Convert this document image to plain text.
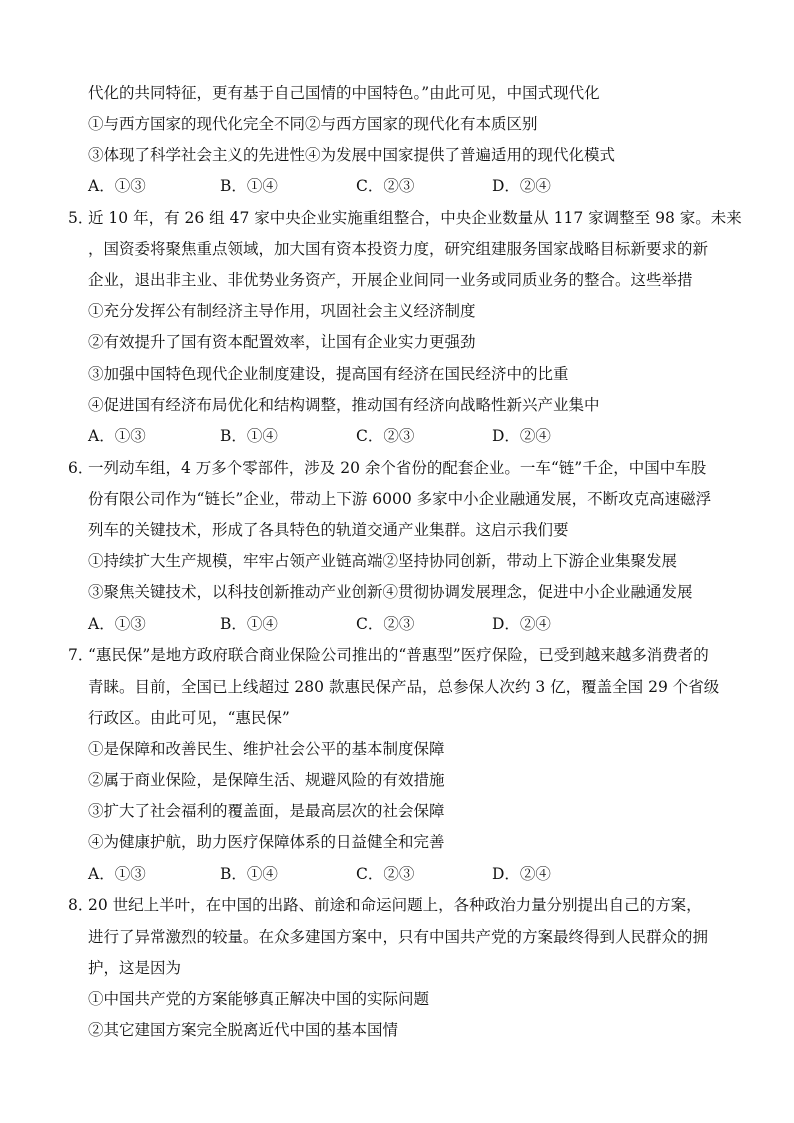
代化的共同特征，更有基于自己国情的中国特色。”由此可见，中国式现代化
①与西方国家的现代化完全不同②与西方国家的现代化有本质区别
③体现了科学社会主义的先进性④为发展中国家提供了普遍适用的现代化模式
A．①③	B．①④	C．②③	D．②④
5．近 10 年，有 26 组 47 家中央企业实施重组整合，中央企业数量从 117 家调整至 98 家。未来
，国资委将聚焦重点领域，加大国有资本投资力度，研究组建服务国家战略目标新要求的新
企业，退出非主业、非优势业务资产，开展企业间同一业务或同质业务的整合。这些举措
①充分发挥公有制经济主导作用，巩固社会主义经济制度
②有效提升了国有资本配置效率，让国有企业实力更强劲
③加强中国特色现代企业制度建设，提高国有经济在国民经济中的比重
④促进国有经济布局优化和结构调整，推动国有经济向战略性新兴产业集中
A．①③	B．①④	C．②③	D．②④
6．一列动车组，4 万多个零部件，涉及 20 余个省份的配套企业。一车“链”千企，中国中车股
份有限公司作为“链长”企业，带动上下游 6000 多家中小企业融通发展，不断攻克高速磁浮
列车的关键技术，形成了各具特色的轨道交通产业集群。这启示我们要
①持续扩大生产规模，牢牢占领产业链高端②坚持协同创新，带动上下游企业集聚发展
③聚焦关键技术，以科技创新推动产业创新④贯彻协调发展理念，促进中小企业融通发展
A．①③	B．①④	C．②③	D．②④
7．“惠民保”是地方政府联合商业保险公司推出的“普惠型”医疗保险，已受到越来越多消费者的
青睐。目前，全国已上线超过 280 款惠民保产品，总参保人次约 3 亿，覆盖全国 29 个省级
行政区。由此可见，“惠民保”
①是保障和改善民生、维护社会公平的基本制度保障
②属于商业保险，是保障生活、规避风险的有效措施
③扩大了社会福利的覆盖面，是最高层次的社会保障
④为健康护航，助力医疗保障体系的日益健全和完善
A．①③	B．①④	C．②③	D．②④
8．20 世纪上半叶，在中国的出路、前途和命运问题上，各种政治力量分别提出自己的方案，
进行了异常激烈的较量。在众多建国方案中，只有中国共产党的方案最终得到人民群众的拥
护，这是因为
①中国共产党的方案能够真正解决中国的实际问题
②其它建国方案完全脱离近代中国的基本国情
